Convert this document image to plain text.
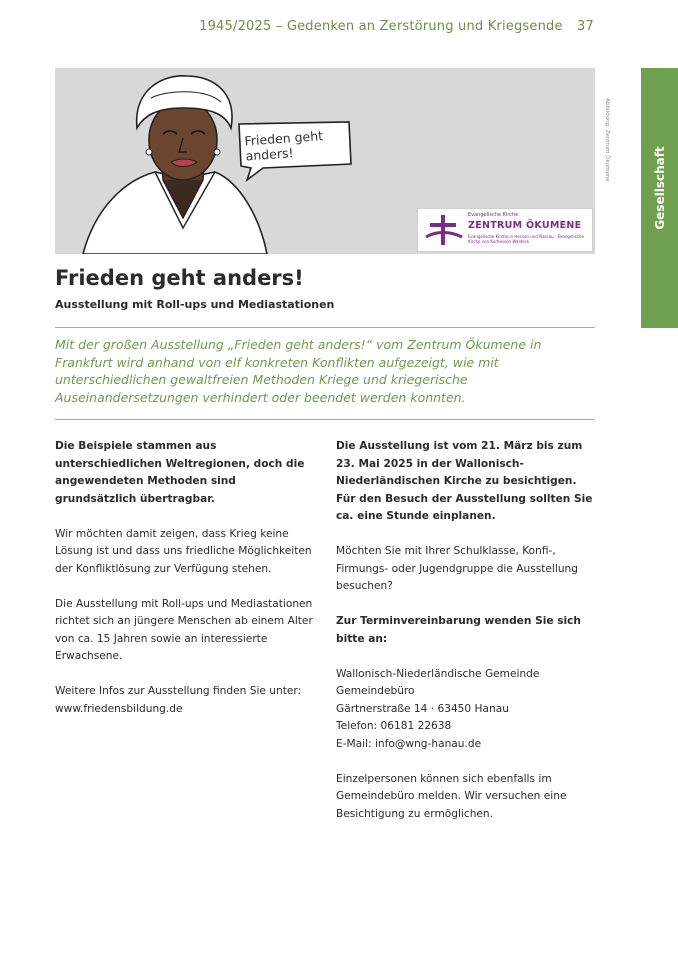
1945/2025 – Gedenken an Zerstörung und Kriegsende 37
Gesellschaft
Abbildung: Zentrum Ökumene
Frieden geht anders!
Evangelische Kirche
ZENTRUM ÖKUMENE
Evangelische Kirche in Hessen und Nassau · Evangelische Kirche von Kurhessen-Waldeck
Frieden geht anders!
Ausstellung mit Roll-ups und Mediastationen
Mit der großen Ausstellung „Frieden geht anders!“ vom Zentrum Ökumene in Frankfurt wird anhand von elf konkreten Konflikten aufgezeigt, wie mit unterschiedlichen gewaltfreien Methoden Kriege und kriegerische Auseinandersetzungen verhindert oder beendet werden konnten.

Die Beispiele stammen aus unterschiedlichen Weltregionen, doch die angewendeten Methoden sind grundsätzlich übertragbar.

Wir möchten damit zeigen, dass Krieg keine Lösung ist und dass uns friedliche Möglichkeiten der Konfliktlösung zur Verfügung stehen.

Die Ausstellung mit Roll-ups und Mediastationen richtet sich an jüngere Menschen ab einem Alter von ca. 15 Jahren sowie an interessierte Erwachsene.

Weitere Infos zur Ausstellung finden Sie unter: www.friedensbildung.de

Die Ausstellung ist vom 21. März bis zum 23. Mai 2025 in der Wallonisch-Niederländischen Kirche zu besichtigen. Für den Besuch der Ausstellung sollten Sie ca. eine Stunde einplanen.

Möchten Sie mit Ihrer Schulklasse, Konfi-, Firmungs- oder Jugendgruppe die Ausstellung besuchen?

Zur Terminvereinbarung wenden Sie sich bitte an:

Wallonisch-Niederländische Gemeinde
Gemeindebüro
Gärtnerstraße 14 · 63450 Hanau
Telefon: 06181 22638
E-Mail: info@wng-hanau.de

Einzelpersonen können sich ebenfalls im Gemeindebüro melden. Wir versuchen eine Besichtigung zu ermöglichen.
